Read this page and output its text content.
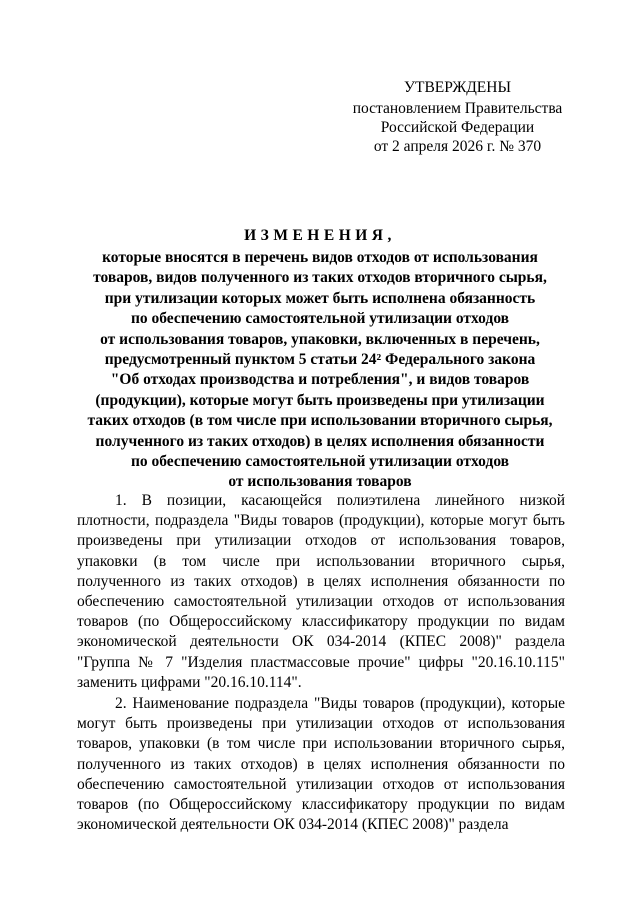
УТВЕРЖДЕНЫ
постановлением Правительства
Российской Федерации
от 2 апреля 2026 г. № 370
ИЗМЕНЕНИЯ,
которые вносятся в перечень видов отходов от использования
товаров, видов полученного из таких отходов вторичного сырья,
при утилизации которых может быть исполнена обязанность
по обеспечению самостоятельной утилизации отходов
от использования товаров, упаковки, включенных в перечень,
предусмотренный пунктом 5 статьи 24² Федерального закона
"Об отходах производства и потребления", и видов товаров
(продукции), которые могут быть произведены при утилизации
таких отходов (в том числе при использовании вторичного сырья,
полученного из таких отходов) в целях исполнения обязанности
по обеспечению самостоятельной утилизации отходов
от использования товаров

1. В позиции, касающейся полиэтилена линейного низкой плотности, подраздела "Виды товаров (продукции), которые могут быть произведены при утилизации отходов от использования товаров, упаковки (в том числе при использовании вторичного сырья, полученного из таких отходов) в целях исполнения обязанности по обеспечению самостоятельной утилизации отходов от использования товаров (по Общероссийскому классификатору продукции по видам экономической деятельности ОК 034-2014 (КПЕС 2008)" раздела "Группа № 7 "Изделия пластмассовые прочие" цифры "20.16.10.115" заменить цифрами "20.16.10.114".

2. Наименование подраздела "Виды товаров (продукции), которые могут быть произведены при утилизации отходов от использования товаров, упаковки (в том числе при использовании вторичного сырья, полученного из таких отходов) в целях исполнения обязанности по обеспечению самостоятельной утилизации отходов от использования товаров (по Общероссийскому классификатору продукции по видам экономической деятельности ОК 034-2014 (КПЕС 2008)" раздела
